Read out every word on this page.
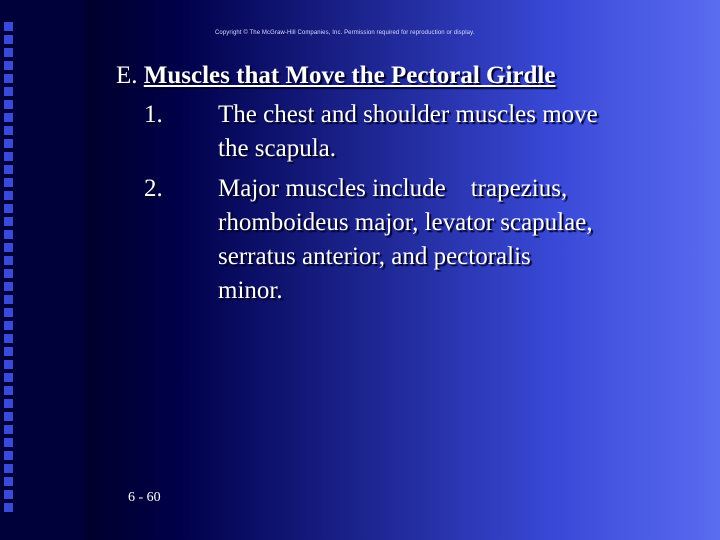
Copyright © The McGraw-Hill Companies, Inc. Permission required for reproduction or display.
E. Muscles that Move the Pectoral Girdle
1. The chest and shoulder muscles move
the scapula.
2. Major muscles include    trapezius,
rhomboideus major, levator scapulae,
serratus anterior, and pectoralis
minor.
6 - 60
